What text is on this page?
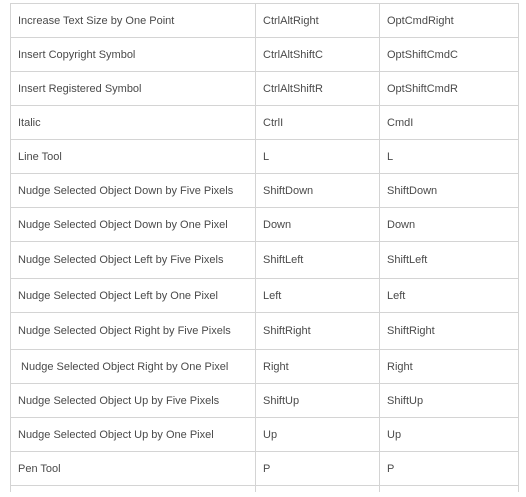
Increase Text Size by One Point	CtrlAltRight	OptCmdRight
Insert Copyright Symbol	CtrlAltShiftC	OptShiftCmdC
Insert Registered Symbol	CtrlAltShiftR	OptShiftCmdR
Italic	CtrlI	CmdI
Line Tool	L	L
Nudge Selected Object Down by Five Pixels	ShiftDown	ShiftDown
Nudge Selected Object Down by One Pixel	Down	Down
Nudge Selected Object Left by Five Pixels	ShiftLeft	ShiftLeft
Nudge Selected Object Left by One Pixel	Left	Left
Nudge Selected Object Right by Five Pixels	ShiftRight	ShiftRight
Nudge Selected Object Right by One Pixel	Right	Right
Nudge Selected Object Up by Five Pixels	ShiftUp	ShiftUp
Nudge Selected Object Up by One Pixel	Up	Up
Pen Tool	P	P
